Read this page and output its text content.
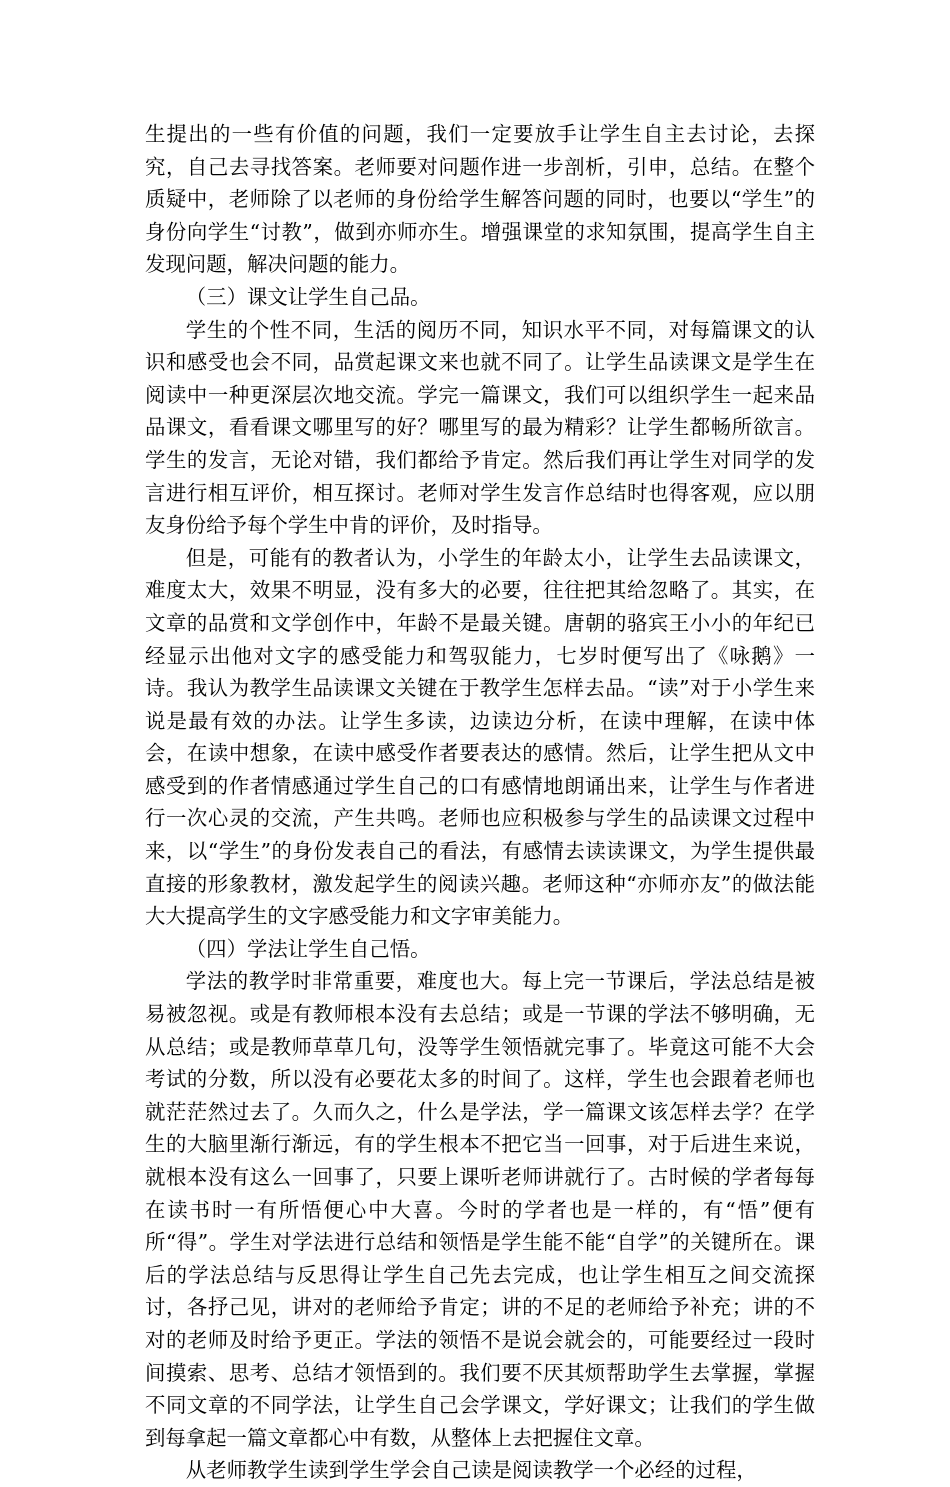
生提出的一些有价值的问题，我们一定要放手让学生自主去讨论，去探究，自己去寻找答案。老师要对问题作进一步剖析，引申，总结。在整个质疑中，老师除了以老师的身份给学生解答问题的同时，也要以“学生”的身份向学生“讨教”，做到亦师亦生。增强课堂的求知氛围，提高学生自主发现问题，解决问题的能力。

（三）课文让学生自己品。

学生的个性不同，生活的阅历不同，知识水平不同，对每篇课文的认识和感受也会不同，品赏起课文来也就不同了。让学生品读课文是学生在阅读中一种更深层次地交流。学完一篇课文，我们可以组织学生一起来品品课文，看看课文哪里写的好？哪里写的最为精彩？让学生都畅所欲言。学生的发言，无论对错，我们都给予肯定。然后我们再让学生对同学的发言进行相互评价，相互探讨。老师对学生发言作总结时也得客观，应以朋友身份给予每个学生中肯的评价，及时指导。

但是，可能有的教者认为，小学生的年龄太小，让学生去品读课文，难度太大，效果不明显，没有多大的必要，往往把其给忽略了。其实，在文章的品赏和文学创作中，年龄不是最关键。唐朝的骆宾王小小的年纪已经显示出他对文字的感受能力和驾驭能力，七岁时便写出了《咏鹅》一诗。我认为教学生品读课文关键在于教学生怎样去品。“读”对于小学生来说是最有效的办法。让学生多读，边读边分析，在读中理解，在读中体会，在读中想象，在读中感受作者要表达的感情。然后，让学生把从文中感受到的作者情感通过学生自己的口有感情地朗诵出来，让学生与作者进行一次心灵的交流，产生共鸣。老师也应积极参与学生的品读课文过程中来，以“学生”的身份发表自己的看法，有感情去读读课文，为学生提供最直接的形象教材，激发起学生的阅读兴趣。老师这种“亦师亦友”的做法能大大提高学生的文字感受能力和文字审美能力。

（四）学法让学生自己悟。

学法的教学时非常重要，难度也大。每上完一节课后，学法总结是被易被忽视。或是有教师根本没有去总结；或是一节课的学法不够明确，无从总结；或是教师草草几句，没等学生领悟就完事了。毕竟这可能不大会考试的分数，所以没有必要花太多的时间了。这样，学生也会跟着老师也就茫茫然过去了。久而久之，什么是学法，学一篇课文该怎样去学？在学生的大脑里渐行渐远，有的学生根本不把它当一回事，对于后进生来说，就根本没有这么一回事了，只要上课听老师讲就行了。古时候的学者每每在读书时一有所悟便心中大喜。今时的学者也是一样的，有“悟”便有所“得”。学生对学法进行总结和领悟是学生能不能“自学”的关键所在。课后的学法总结与反思得让学生自己先去完成，也让学生相互之间交流探讨，各抒己见，讲对的老师给予肯定；讲的不足的老师给予补充；讲的不对的老师及时给予更正。学法的领悟不是说会就会的，可能要经过一段时间摸索、思考、总结才领悟到的。我们要不厌其烦帮助学生去掌握，掌握不同文章的不同学法，让学生自己会学课文，学好课文；让我们的学生做到每拿起一篇文章都心中有数，从整体上去把握住文章。

从老师教学生读到学生学会自己读是阅读教学一个必经的过程，
